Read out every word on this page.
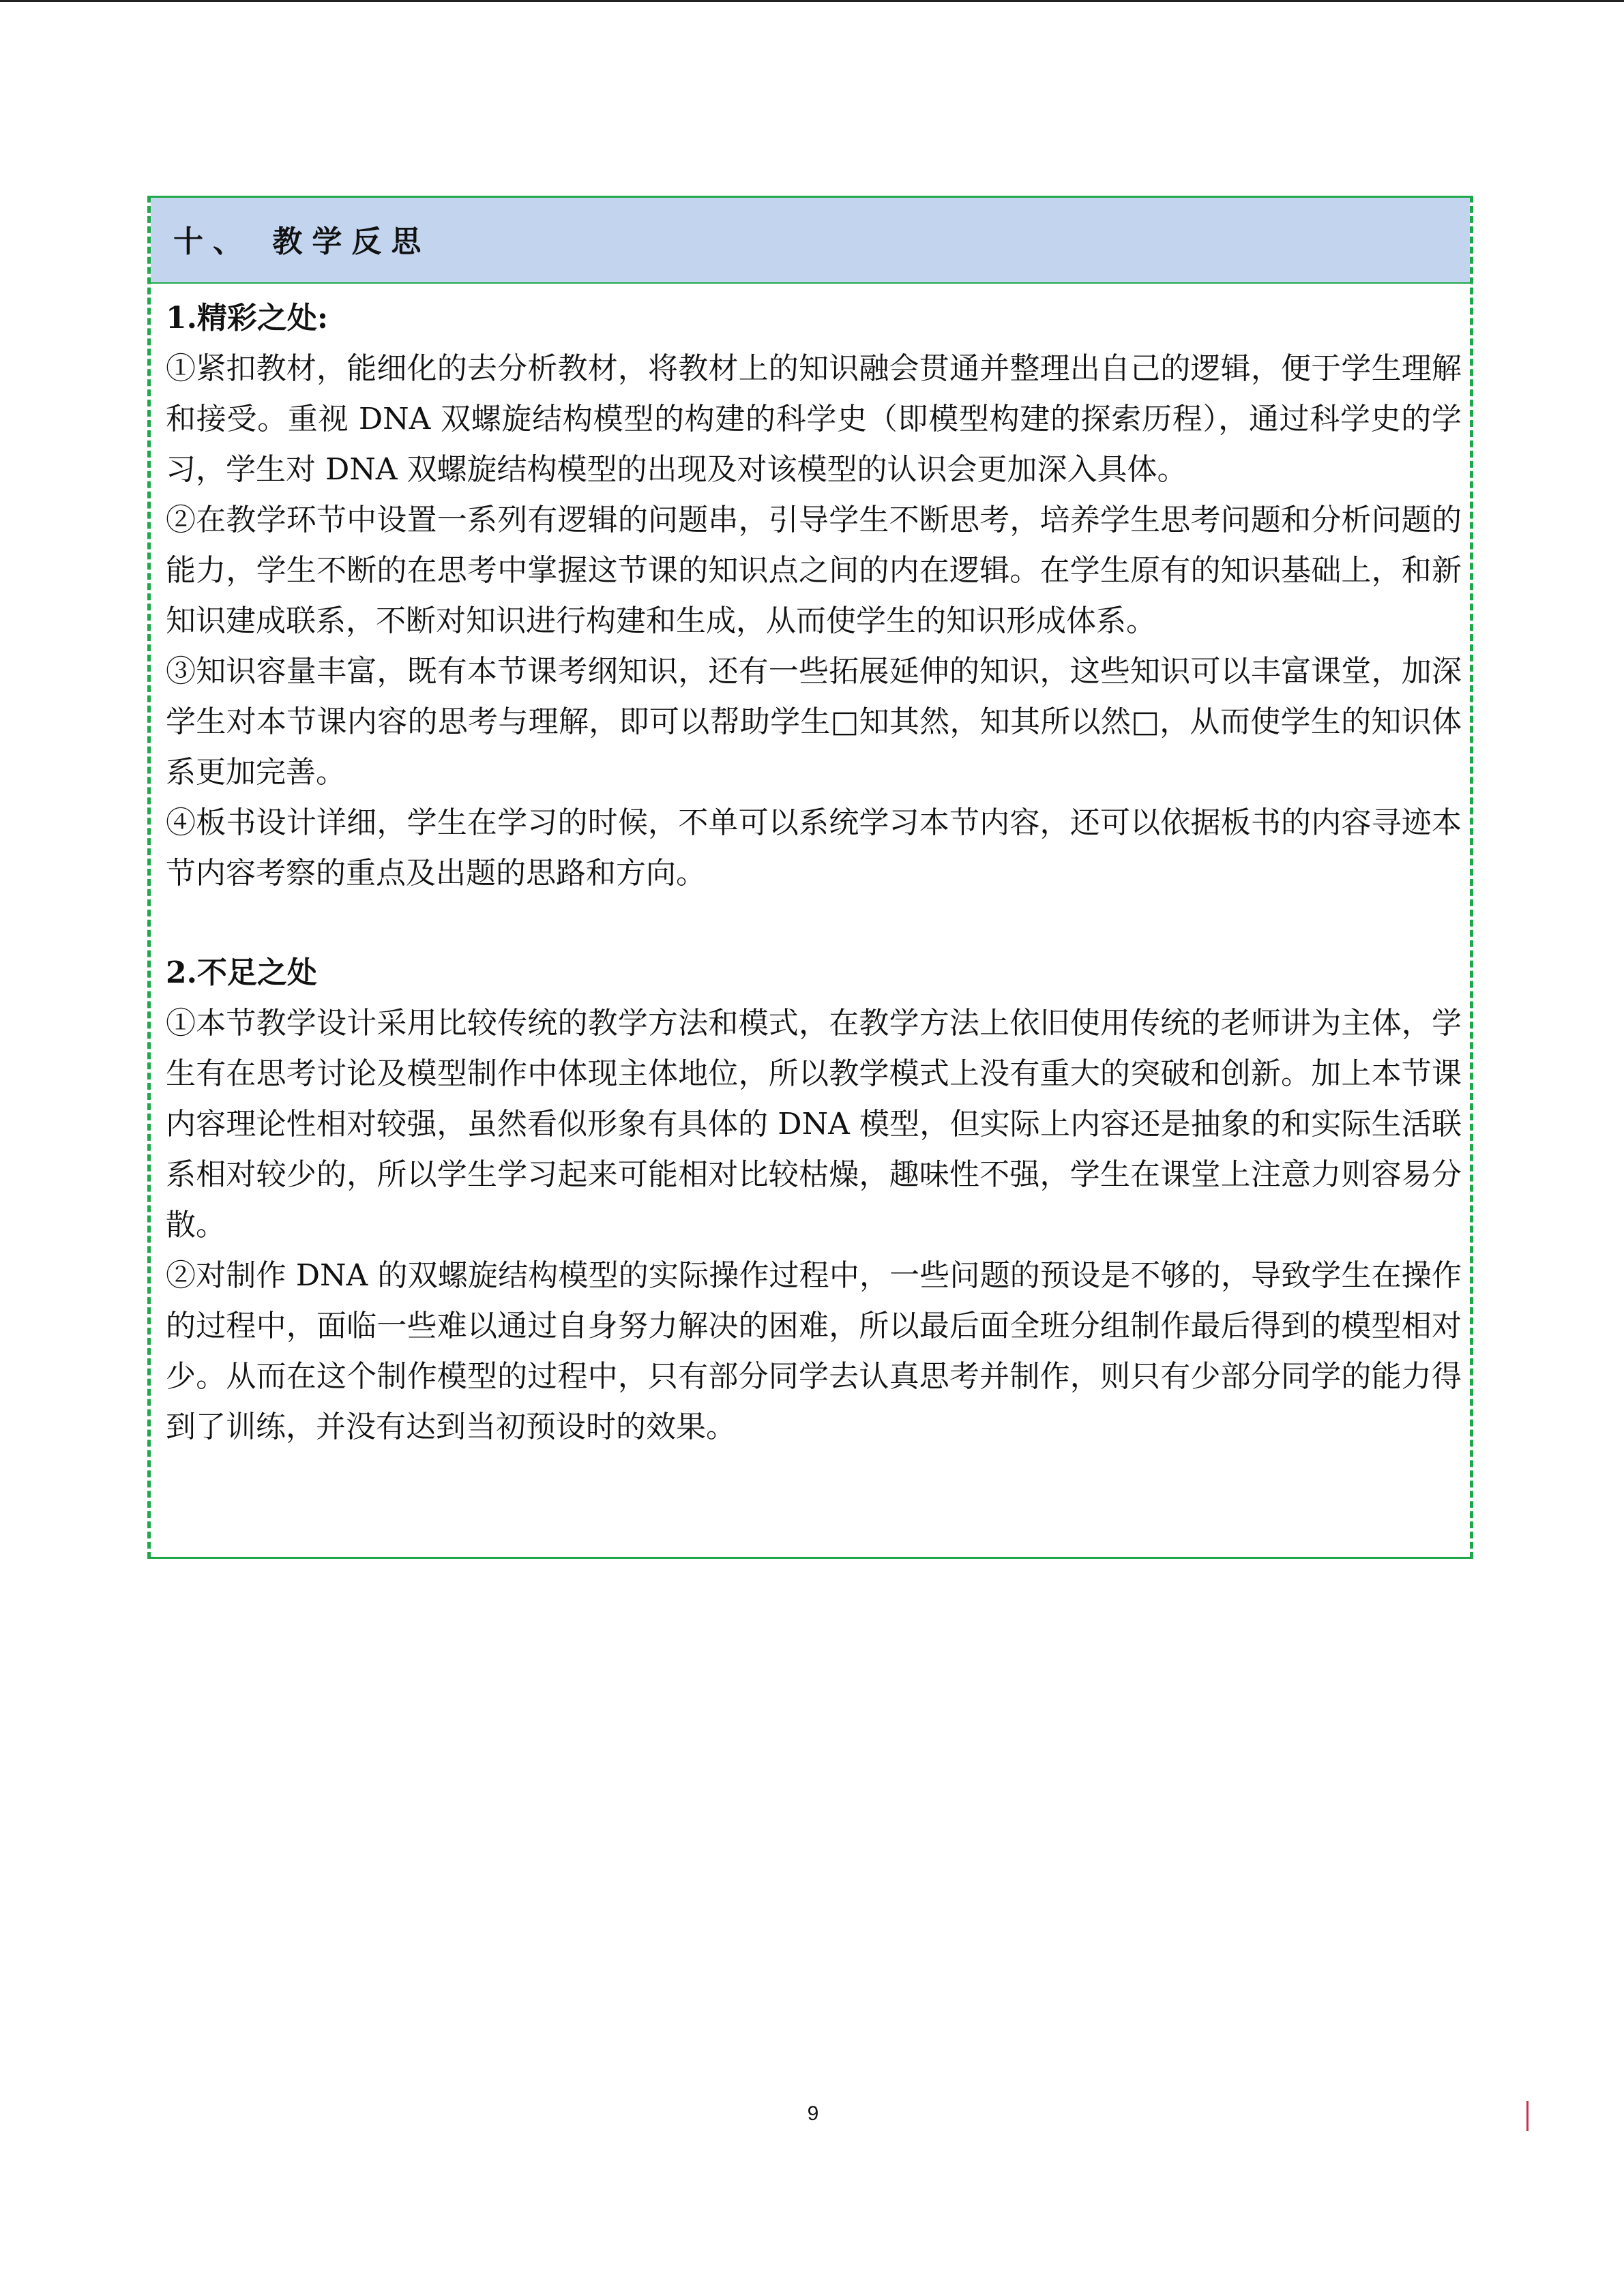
十、 教学反思
1.精彩之处:
①紧扣教材，能细化的去分析教材，将教材上的知识融会贯通并整理出自己的逻辑，便于学生理解和接受。重视 DNA 双螺旋结构模型的构建的科学史（即模型构建的探索历程），通过科学史的学习，学生对 DNA 双螺旋结构模型的出现及对该模型的认识会更加深入具体。
②在教学环节中设置一系列有逻辑的问题串，引导学生不断思考，培养学生思考问题和分析问题的能力，学生不断的在思考中掌握这节课的知识点之间的内在逻辑。在学生原有的知识基础上，和新知识建成联系，不断对知识进行构建和生成，从而使学生的知识形成体系。
③知识容量丰富，既有本节课考纲知识，还有一些拓展延伸的知识，这些知识可以丰富课堂，加深学生对本节课内容的思考与理解，即可以帮助学生□知其然，知其所以然□，从而使学生的知识体系更加完善。
④板书设计详细，学生在学习的时候，不单可以系统学习本节内容，还可以依据板书的内容寻迹本节内容考察的重点及出题的思路和方向。
2.不足之处
①本节教学设计采用比较传统的教学方法和模式，在教学方法上依旧使用传统的老师讲为主体，学生有在思考讨论及模型制作中体现主体地位，所以教学模式上没有重大的突破和创新。加上本节课内容理论性相对较强，虽然看似形象有具体的 DNA 模型，但实际上内容还是抽象的和实际生活联系相对较少的，所以学生学习起来可能相对比较枯燥，趣味性不强，学生在课堂上注意力则容易分散。
②对制作 DNA 的双螺旋结构模型的实际操作过程中，一些问题的预设是不够的，导致学生在操作的过程中，面临一些难以通过自身努力解决的困难，所以最后面全班分组制作最后得到的模型相对少。从而在这个制作模型的过程中，只有部分同学去认真思考并制作，则只有少部分同学的能力得到了训练，并没有达到当初预设时的效果。
9
